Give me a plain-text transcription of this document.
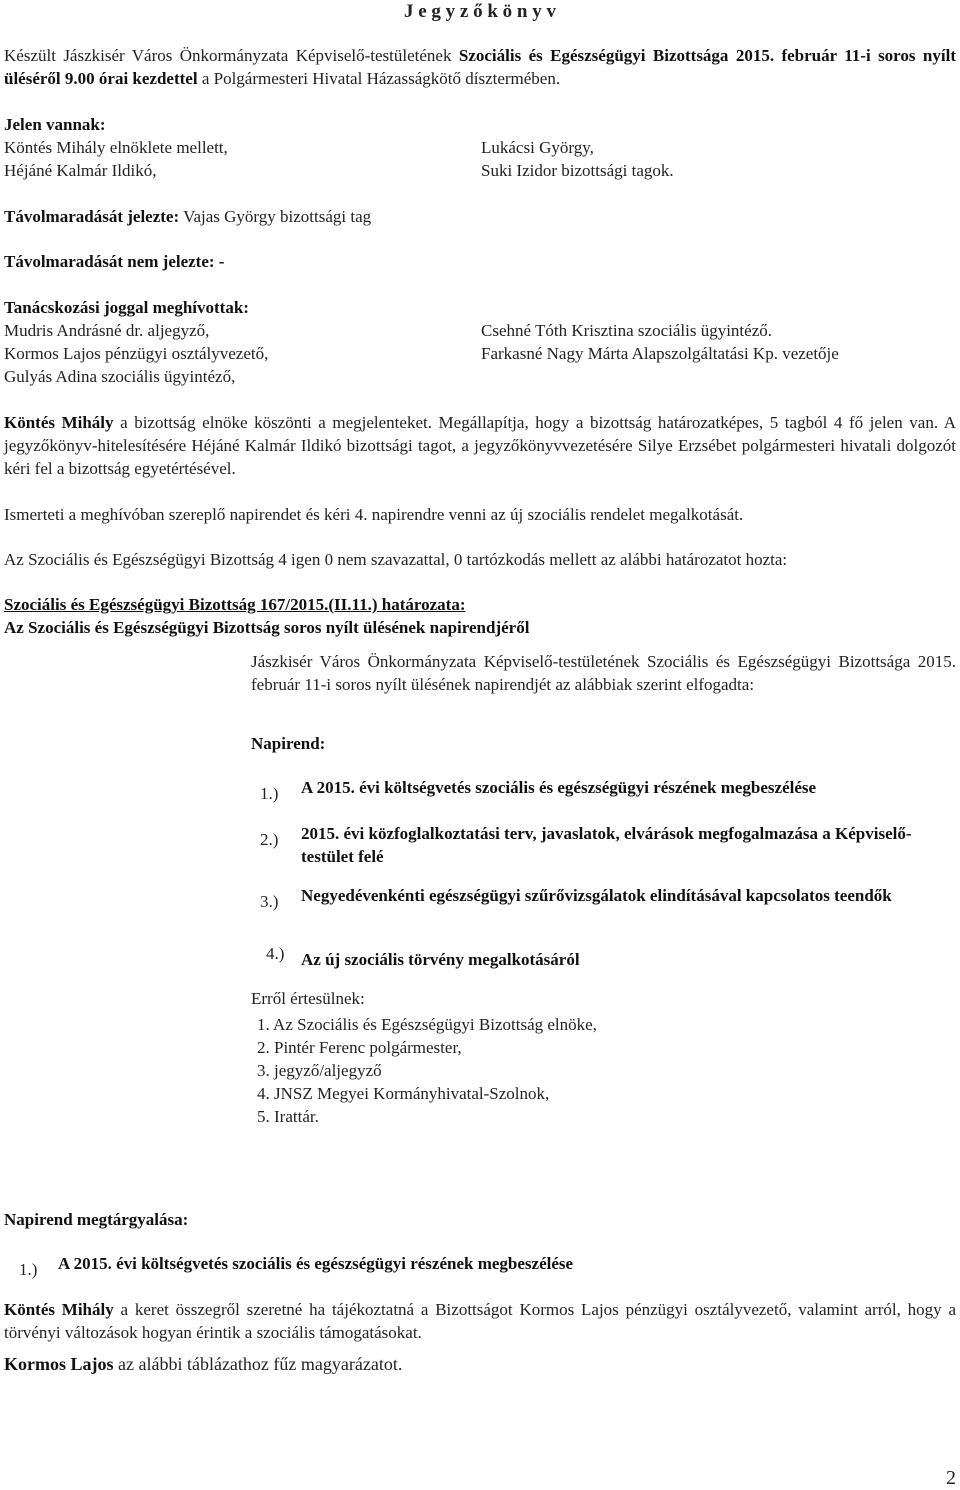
J e g y z ő k ö n y v
Készült Jászkisér Város Önkormányzata Képviselő-testületének Szociális és Egészségügyi Bizottsága 2015. február 11-i soros nyílt üléséről 9.00 órai kezdettel a Polgármesteri Hivatal Házasságkötő dísztermében.
Jelen vannak:
Köntés Mihály elnöklete mellett,
Héjáné Kalmár Ildikó,
Lukácsi György,
Suki Izidor bizottsági tagok.
Távolmaradását jelezte: Vajas György bizottsági tag
Távolmaradását nem jelezte: -
Tanácskozási joggal meghívottak:
Mudris Andrásné dr. aljegyző,
Kormos Lajos pénzügyi osztályvezető,
Gulyás Adina szociális ügyintéző,
Csehné Tóth Krisztina szociális ügyintéző.
Farkasné Nagy Márta Alapszolgáltatási Kp. vezetője
Köntés Mihály a bizottság elnöke köszönti a megjelenteket. Megállapítja, hogy a bizottság határozatképes, 5 tagból 4 fő jelen van. A jegyzőkönyv-hitelesítésére Héjáné Kalmár Ildikó bizottsági tagot, a jegyzőkönyvvezetésére Silye Erzsébet polgármesteri hivatali dolgozót kéri fel a bizottság egyetértésével.
Ismerteti a meghívóban szereplő napirendet és kéri 4. napirendre venni az új szociális rendelet megalkotását.
Az Szociális és Egészségügyi Bizottság 4 igen 0 nem szavazattal, 0 tartózkodás mellett az alábbi határozatot hozta:
Szociális és Egészségügyi Bizottság 167/2015.(II.11.) határozata:
Az Szociális és Egészségügyi Bizottság soros nyílt ülésének napirendjéről
Jászkisér Város Önkormányzata Képviselő-testületének Szociális és Egészségügyi Bizottsága 2015. február 11-i soros nyílt ülésének napirendjét az alábbiak szerint elfogadta:
Napirend:
1.) A 2015. évi költségvetés szociális és egészségügyi részének megbeszélése
2.) 2015. évi közfoglalkoztatási terv, javaslatok, elvárások megfogalmazása a Képviselő-testület felé
3.) Negyedévenkénti egészségügyi szűrővizsgálatok elindításával kapcsolatos teendők
4.) Az új szociális törvény megalkotásáról
Erről értesülnek:
1. Az Szociális és Egészségügyi Bizottság elnöke,
2. Pintér Ferenc polgármester,
3. jegyző/aljegyző
4. JNSZ Megyei Kormányhivatal-Szolnok,
5. Irattár.
Napirend megtárgyalása:
1.) A 2015. évi költségvetés szociális és egészségügyi részének megbeszélése
Köntés Mihály a keret összegről szeretné ha tájékoztatná a Bizottságot Kormos Lajos pénzügyi osztályvezető, valamint arról, hogy a törvényi változások hogyan érintik a szociális támogatásokat.
Kormos Lajos az alábbi táblázathoz fűz magyarázatot.
2
